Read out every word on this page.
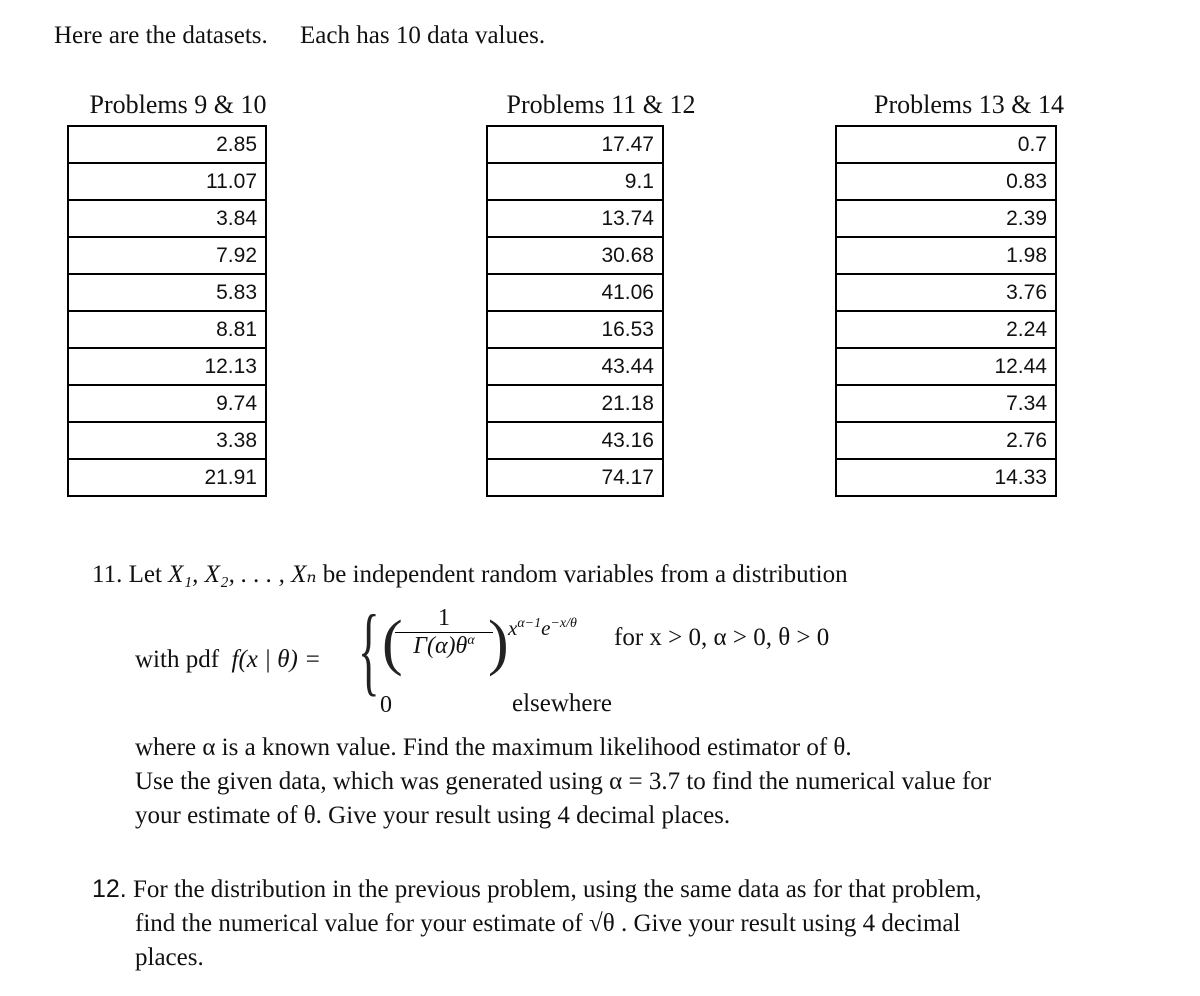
Here are the datasets. Each has 10 data values.
Problems 9 & 10
2.85
11.07
3.84
7.92
5.83
8.81
12.13
9.74
3.38
21.91
Problems 11 & 12
17.47
9.1
13.74
30.68
41.06
16.53
43.44
21.18
43.16
74.17
Problems 13 & 14
0.7
0.83
2.39
1.98
3.76
2.24
12.44
7.34
2.76
14.33
11. Let X₁, X₂, . . . , Xₙ be independent random variables from a distribution
with pdf f(x | θ) = { (
$\frac{1}{\Gamma(\alpha)\theta^\alpha}$
) $x^{\alpha-1}e^{-x/\theta}$
for x > 0, α > 0, θ > 0
0	elsewhere
where α is a known value. Find the maximum likelihood estimator of θ.
Use the given data, which was generated using α = 3.7 to find the numerical value for
your estimate of θ. Give your result using 4 decimal places.
12. For the distribution in the previous problem, using the same data as for that problem,
find the numerical value for your estimate of √θ . Give your result using 4 decimal
places.
